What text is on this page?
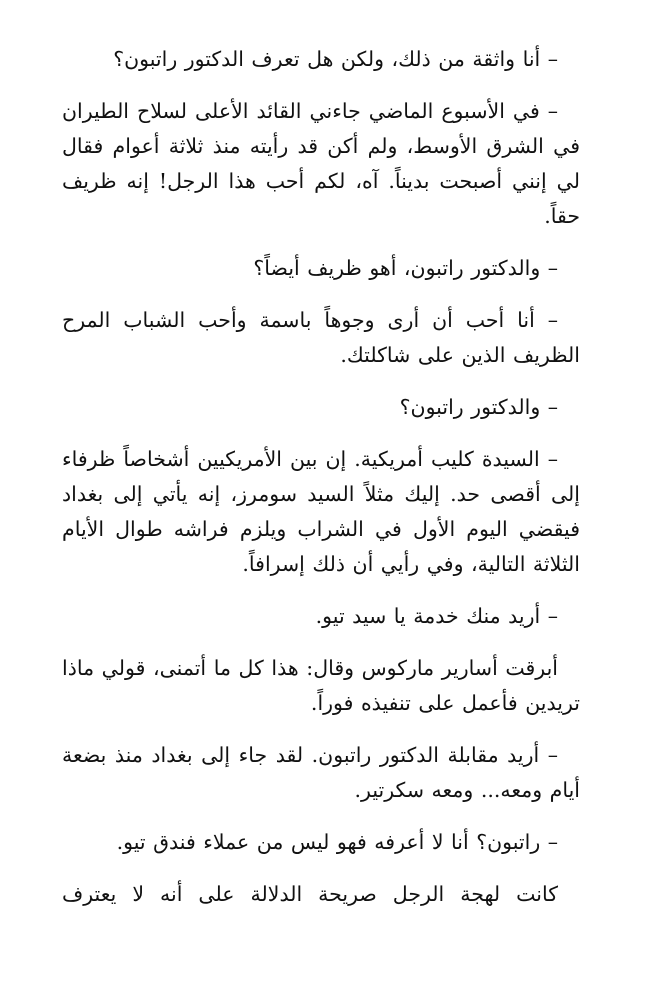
– أنا واثقة من ذلك، ولكن هل تعرف الدكتور راتبون؟

– في الأسبوع الماضي جاءني القائد الأعلى لسلاح الطيران في الشرق الأوسط، ولم أكن قد رأيته منذ ثلاثة أعوام فقال لي إنني أصبحت بديناً. آه، لكم أحب هذا الرجل! إنه ظريف حقاً.

– والدكتور راتبون، أهو ظريف أيضاً؟

– أنا أحب أن أرى وجوهاً باسمة وأحب الشباب المرح الظريف الذين على شاكلتك.

– والدكتور راتبون؟

– السيدة كليب أمريكية. إن بين الأمريكيين أشخاصاً ظرفاء إلى أقصى حد. إليك مثلاً السيد سومرز، إنه يأتي إلى بغداد فيقضي اليوم الأول في الشراب ويلزم فراشه طوال الأيام الثلاثة التالية، وفي رأيي أن ذلك إسرافاً.

– أريد منك خدمة يا سيد تيو.

أبرقت أسارير ماركوس وقال: هذا كل ما أتمنى، قولي ماذا تريدين فأعمل على تنفيذه فوراً.

– أريد مقابلة الدكتور راتبون. لقد جاء إلى بغداد منذ بضعة أيام ومعه... ومعه سكرتير.

– راتبون؟ أنا لا أعرفه فهو ليس من عملاء فندق تيو.

كانت لهجة الرجل صريحة الدلالة على أنه لا يعترف
